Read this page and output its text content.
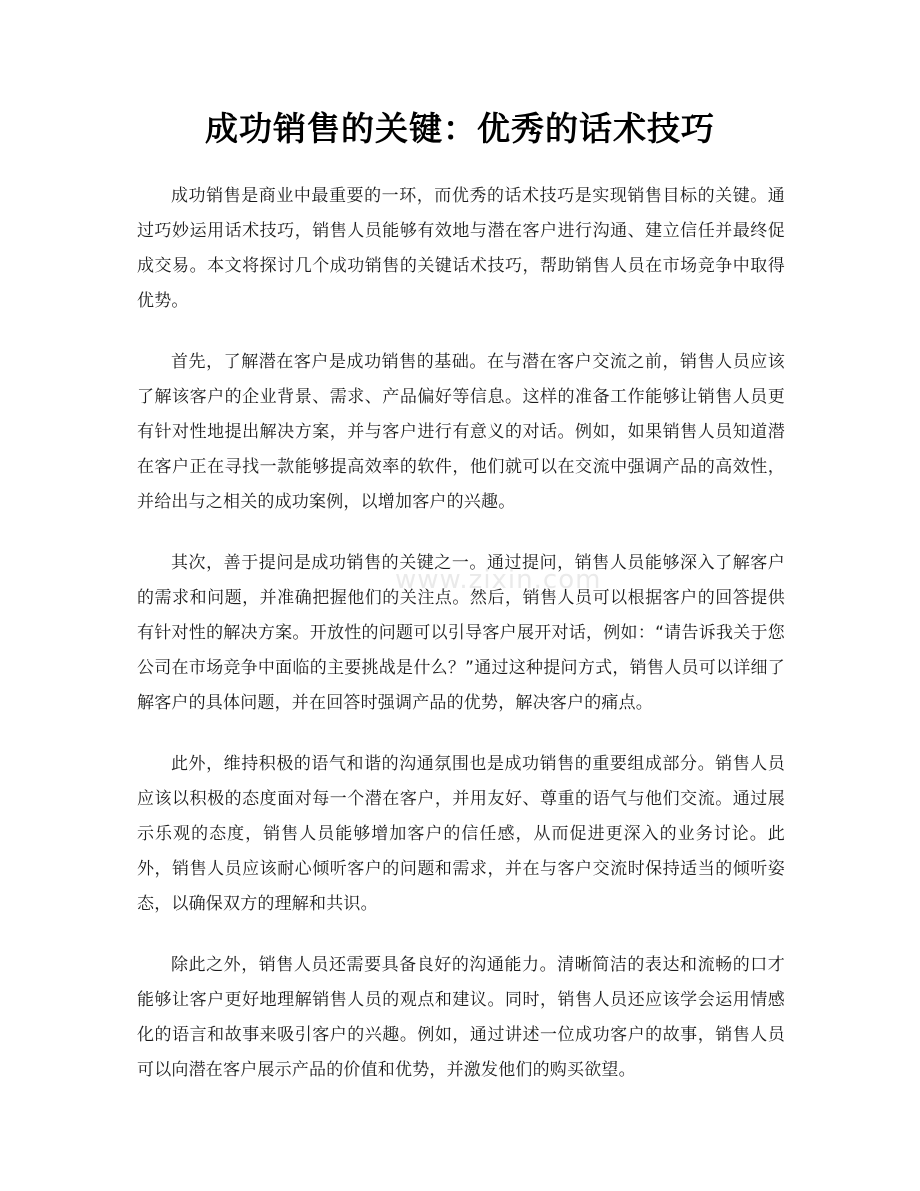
成功销售的关键：优秀的话术技巧
www.zixin.com

成功销售是商业中最重要的一环，而优秀的话术技巧是实现销售目标的关键。通过巧妙运用话术技巧，销售人员能够有效地与潜在客户进行沟通、建立信任并最终促成交易。本文将探讨几个成功销售的关键话术技巧，帮助销售人员在市场竞争中取得优势。

首先，了解潜在客户是成功销售的基础。在与潜在客户交流之前，销售人员应该了解该客户的企业背景、需求、产品偏好等信息。这样的准备工作能够让销售人员更有针对性地提出解决方案，并与客户进行有意义的对话。例如，如果销售人员知道潜在客户正在寻找一款能够提高效率的软件，他们就可以在交流中强调产品的高效性，并给出与之相关的成功案例，以增加客户的兴趣。

其次，善于提问是成功销售的关键之一。通过提问，销售人员能够深入了解客户的需求和问题，并准确把握他们的关注点。然后，销售人员可以根据客户的回答提供有针对性的解决方案。开放性的问题可以引导客户展开对话，例如：“请告诉我关于您公司在市场竞争中面临的主要挑战是什么？”通过这种提问方式，销售人员可以详细了解客户的具体问题，并在回答时强调产品的优势，解决客户的痛点。

此外，维持积极的语气和谐的沟通氛围也是成功销售的重要组成部分。销售人员应该以积极的态度面对每一个潜在客户，并用友好、尊重的语气与他们交流。通过展示乐观的态度，销售人员能够增加客户的信任感，从而促进更深入的业务讨论。此外，销售人员应该耐心倾听客户的问题和需求，并在与客户交流时保持适当的倾听姿态，以确保双方的理解和共识。

除此之外，销售人员还需要具备良好的沟通能力。清晰简洁的表达和流畅的口才能够让客户更好地理解销售人员的观点和建议。同时，销售人员还应该学会运用情感化的语言和故事来吸引客户的兴趣。例如，通过讲述一位成功客户的故事，销售人员可以向潜在客户展示产品的价值和优势，并激发他们的购买欲望。
